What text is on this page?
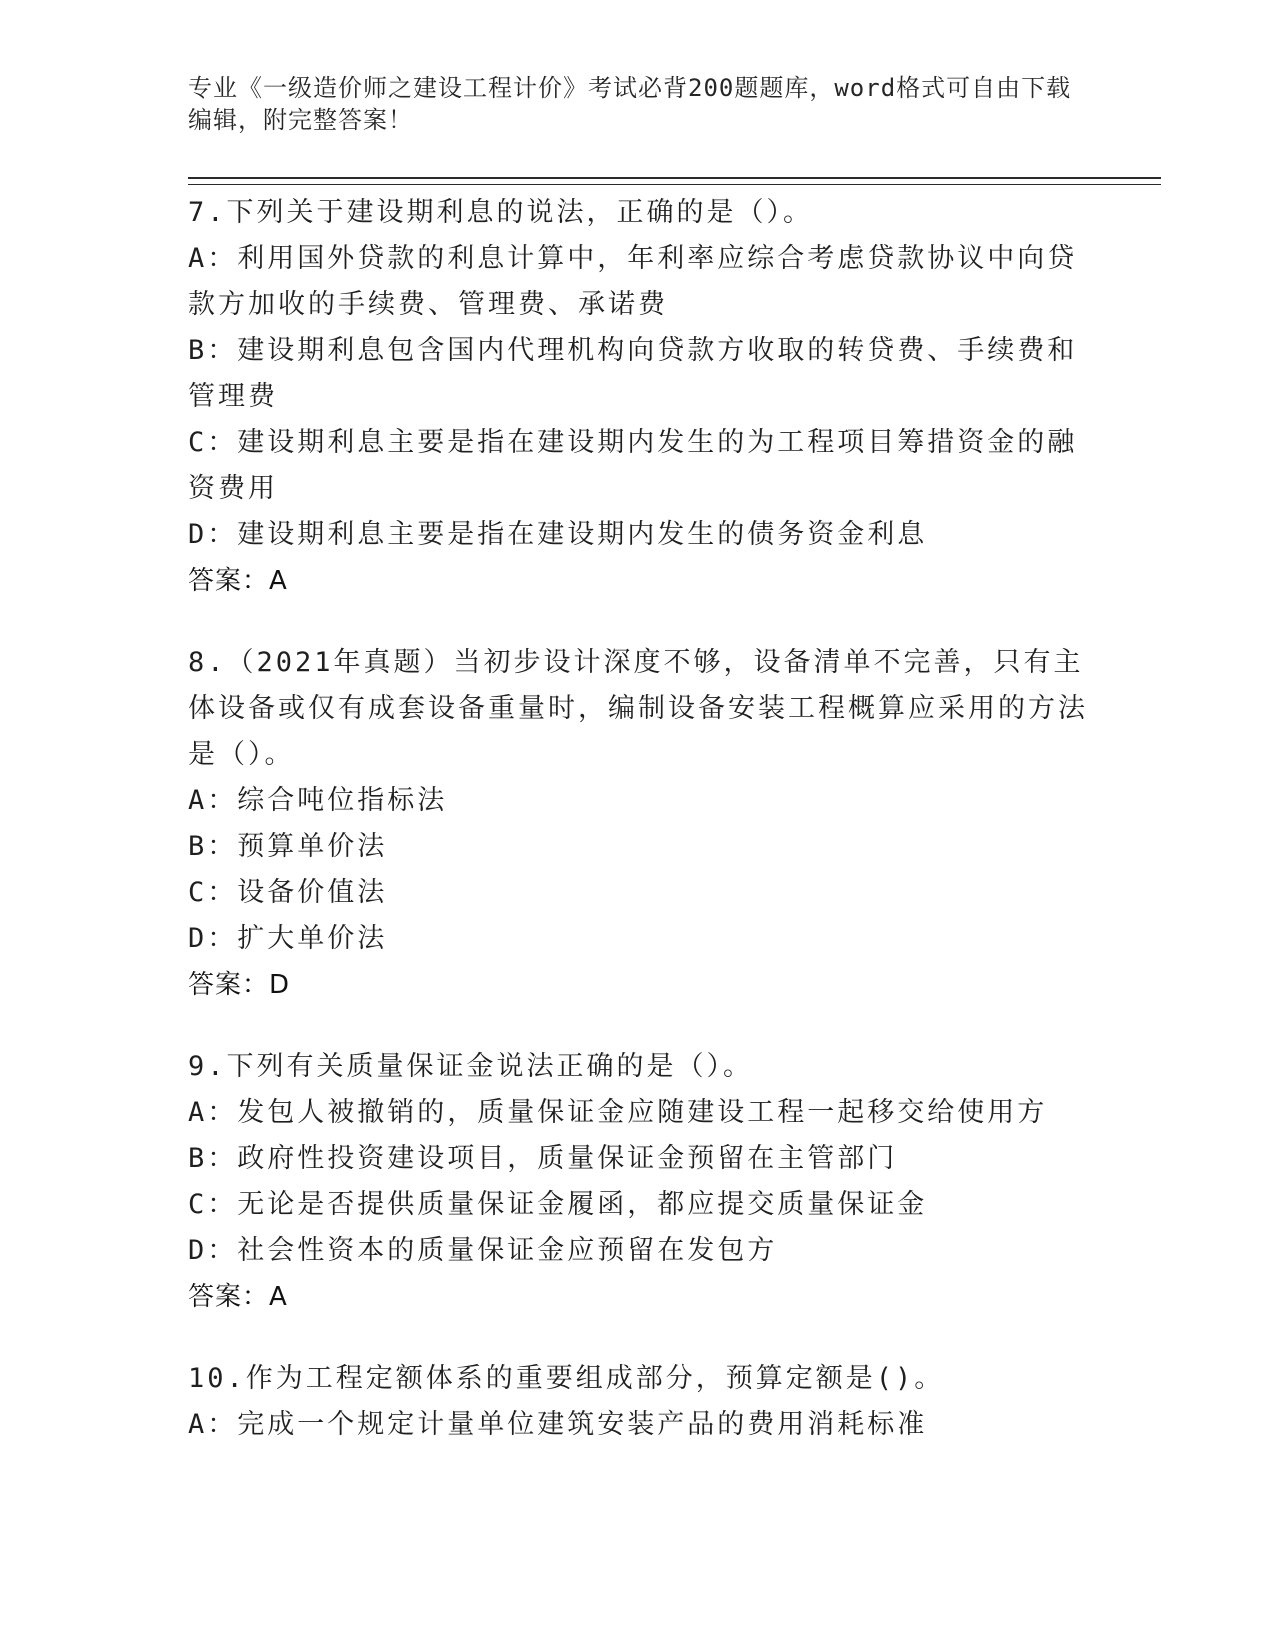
专业《一级造价师之建设工程计价》考试必背200题题库，word格式可自由下载

编辑，附完整答案！

7.下列关于建设期利息的说法，正确的是（）。

A：利用国外贷款的利息计算中，年利率应综合考虑贷款协议中向贷款方加收的手续费、管理费、承诺费

B：建设期利息包含国内代理机构向贷款方收取的转贷费、手续费和管理费

C：建设期利息主要是指在建设期内发生的为工程项目筹措资金的融资费用

D：建设期利息主要是指在建设期内发生的债务资金利息

答案：A

8.（2021年真题）当初步设计深度不够，设备清单不完善，只有主体设备或仅有成套设备重量时，编制设备安装工程概算应采用的方法是（）。

A：综合吨位指标法

B：预算单价法

C：设备价值法

D：扩大单价法

答案：D

9.下列有关质量保证金说法正确的是（）。

A：发包人被撤销的，质量保证金应随建设工程一起移交给使用方

B：政府性投资建设项目，质量保证金预留在主管部门

C：无论是否提供质量保证金履函，都应提交质量保证金

D：社会性资本的质量保证金应预留在发包方

答案：A

10.作为工程定额体系的重要组成部分，预算定额是()。

A：完成一个规定计量单位建筑安装产品的费用消耗标准
